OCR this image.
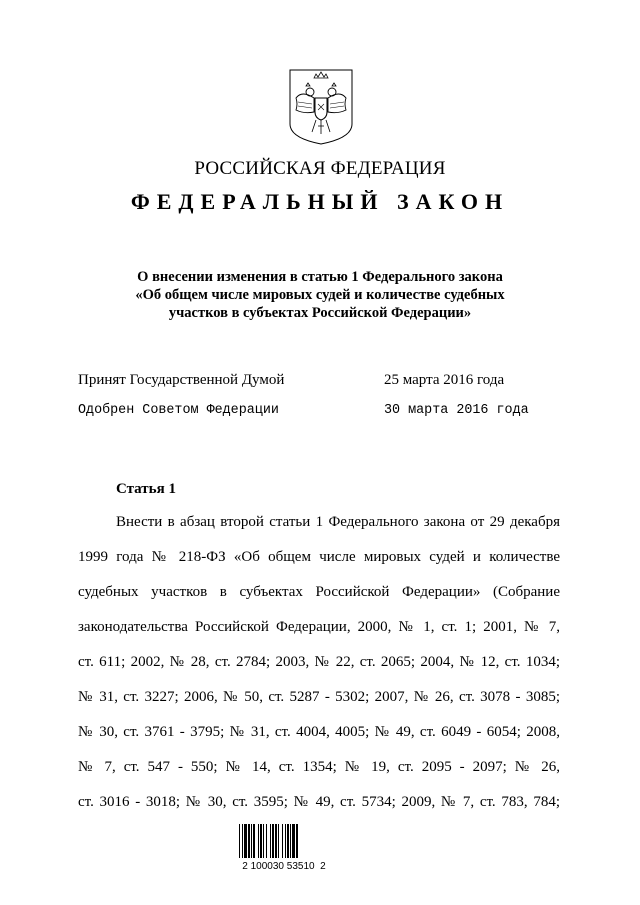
РОССИЙСКАЯ ФЕДЕРАЦИЯ
ФЕДЕРАЛЬНЫЙ ЗАКОН
О внесении изменения в статью 1 Федерального закона
«Об общем числе мировых судей и количестве судебных
участков в субъектах Российской Федерации»
Принят Государственной Думой	25 марта 2016 года
Одобрен Советом Федерации	30 марта 2016 года
Статья 1
Внести в абзац второй статьи 1 Федерального закона от 29 декабря
1999 года № 218-ФЗ «Об общем числе мировых судей и количестве
судебных участков в субъектах Российской Федерации» (Собрание
законодательства Российской Федерации, 2000, № 1, ст. 1; 2001, № 7,
ст. 611; 2002, № 28, ст. 2784; 2003, № 22, ст. 2065; 2004, № 12, ст. 1034;
№ 31, ст. 3227; 2006, № 50, ст. 5287 - 5302; 2007, № 26, ст. 3078 - 3085;
№ 30, ст. 3761 - 3795; № 31, ст. 4004, 4005; № 49, ст. 6049 - 6054; 2008,
№ 7, ст. 547 - 550; № 14, ст. 1354; № 19, ст. 2095 - 2097; № 26,
ст. 3016 - 3018; № 30, ст. 3595; № 49, ст. 5734; 2009, № 7, ст. 783, 784;
2 100030 53510  2
